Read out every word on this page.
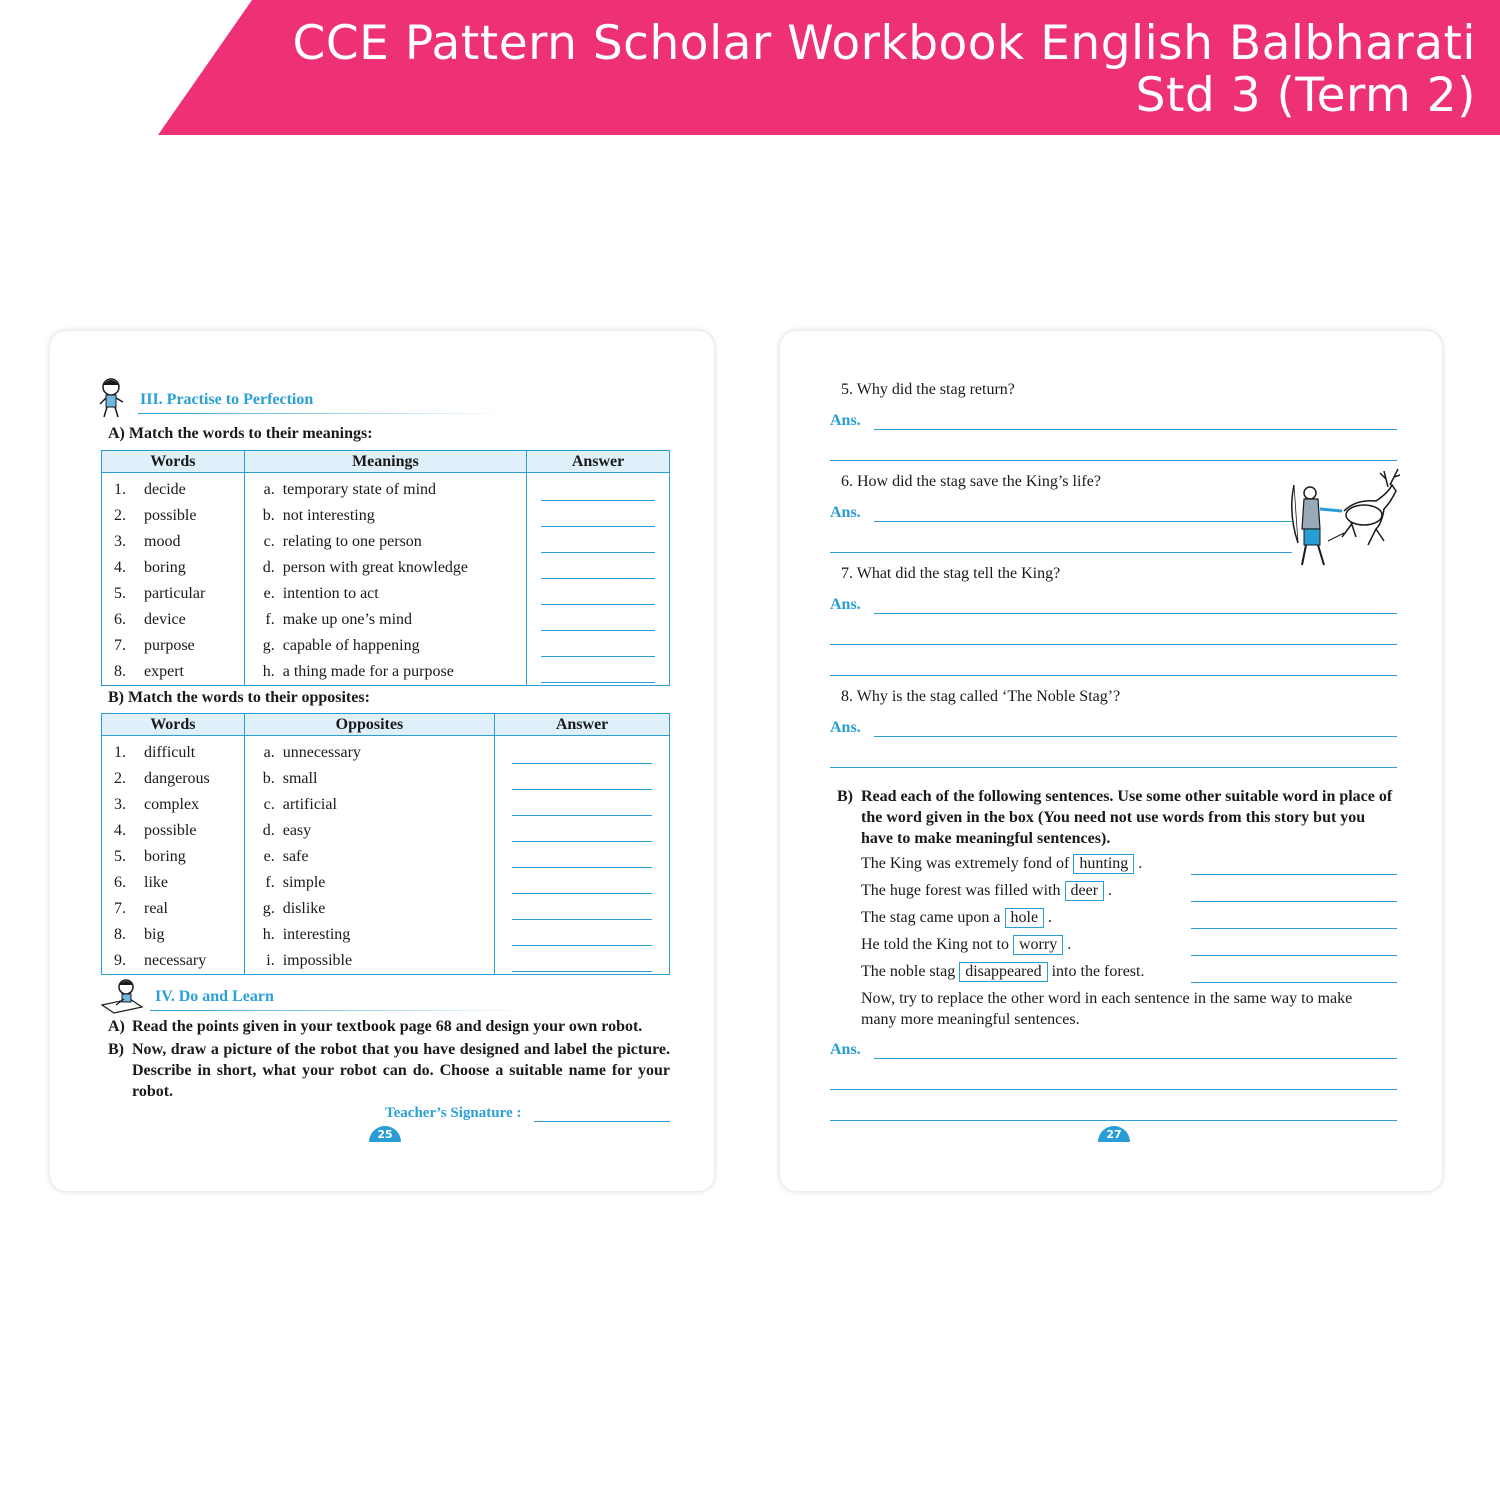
CCE Pattern Scholar Workbook English Balbharati
Std 3 (Term 2)
III. Practise to Perfection
A) Match the words to their meanings:
Words	Meanings	Answer
1. decide	a. temporary state of mind	

2. possible	b. not interesting	

3. mood	c. relating to one person	

4. boring	d. person with great knowledge	

5. particular	e. intention to act	

6. device	f. make up one’s mind	

7. purpose	g. capable of happening	

8. expert	h. a thing made for a purpose	
B) Match the words to their opposites:
Words	Opposites	Answer
1. difficult	a. unnecessary	

2. dangerous	b. small	

3. complex	c. artificial	

4. possible	d. easy	

5. boring	e. safe	

6. like	f. simple	

7. real	g. dislike	

8. big	h. interesting	

9. necessary	i. impossible	
IV. Do and Learn
A) Read the points given in your textbook page 68 and design your own robot.
B) Now, draw a picture of the robot that you have designed and label the picture. Describe in short, what your robot can do. Choose a suitable name for your robot.
Teacher’s Signature :
25
5. Why did the stag return?
Ans.
6. How did the stag save the King’s life?
Ans.
7. What did the stag tell the King?
Ans.
8. Why is the stag called ‘The Noble Stag’?
Ans.
B) Read each of the following sentences. Use some other suitable word in place of the word given in the box (You need not use words from this story but you have to make meaningful sentences).
The King was extremely fond of hunting .
The huge forest was filled with deer .
The stag came upon a hole .
He told the King not to worry .
The noble stag disappeared into the forest.
Now, try to replace the other word in each sentence in the same way to make many more meaningful sentences.
Ans.
27
